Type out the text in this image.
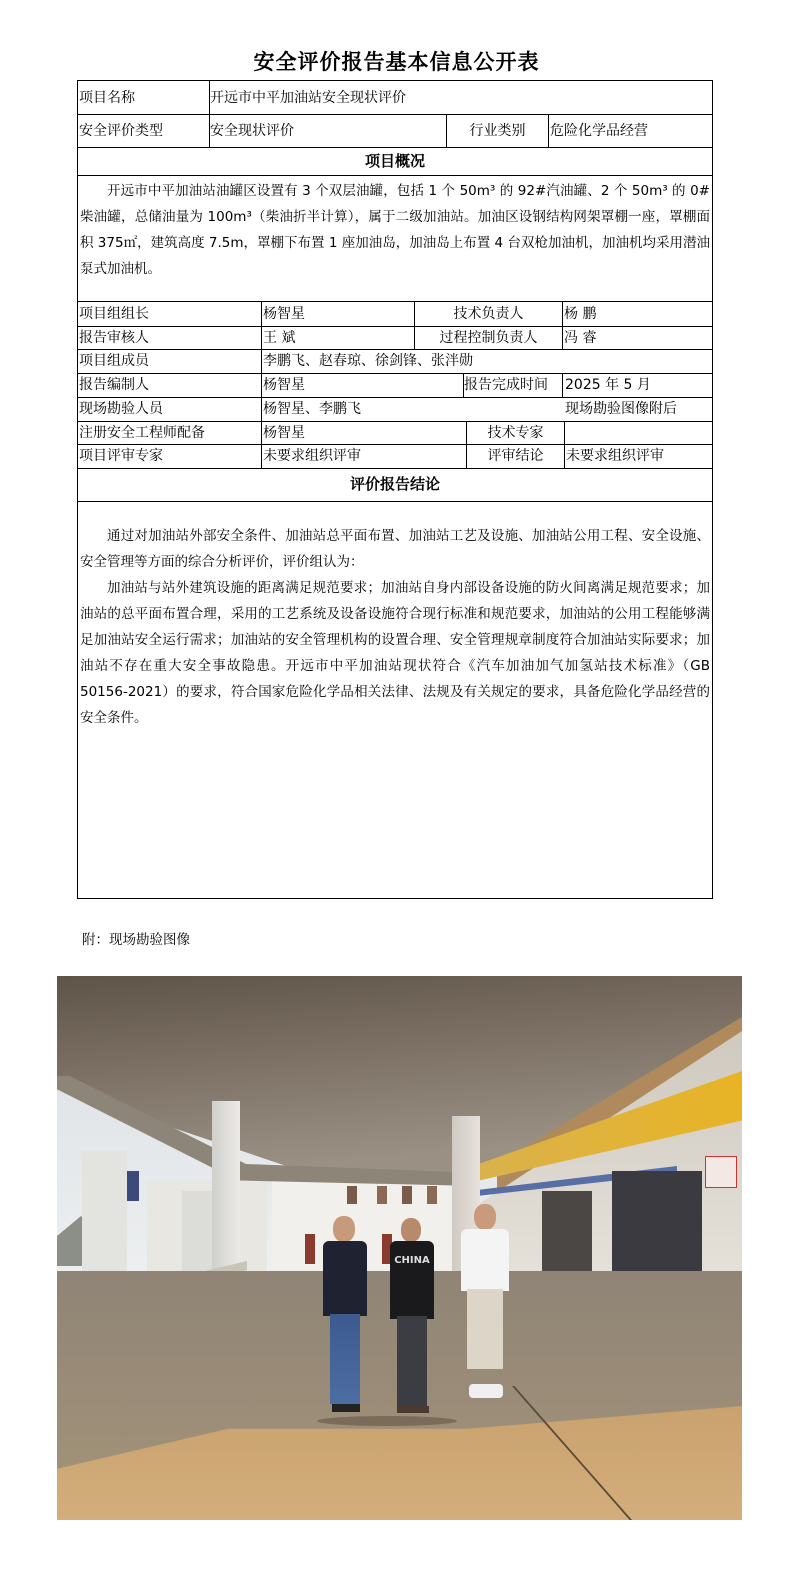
安全评价报告基本信息公开表
项目名称	开远市中平加油站安全现状评价
安全评价类型	安全现状评价	行业类别	危险化学品经营
项目概况

开远市中平加油站油罐区设置有 3 个双层油罐，包括 1 个 50m³ 的 92#汽油罐、2 个 50m³ 的 0#柴油罐，总储油量为 100m³（柴油折半计算），属于二级加油站。加油区设钢结构网架罩棚一座，罩棚面积 375㎡，建筑高度 7.5m，罩棚下布置 1 座加油岛，加油岛上布置 4 台双枪加油机，加油机均采用潜油泵式加油机。

项目组组长	杨智星	技术负责人	杨 鹏
报告审核人	王 斌	过程控制负责人	冯 睿
项目组成员	李鹏飞、赵春琼、徐剑锋、张泮勋
报告编制人	杨智星	报告完成时间	2025 年 5 月
现场勘验人员	杨智星、李鹏飞	现场勘验图像附后
注册安全工程师配备	杨智星	技术专家
项目评审专家	未要求组织评审	评审结论	未要求组织评审
评价报告结论

通过对加油站外部安全条件、加油站总平面布置、加油站工艺及设施、加油站公用工程、安全设施、安全管理等方面的综合分析评价，评价组认为：

加油站与站外建筑设施的距离满足规范要求；加油站自身内部设备设施的防火间离满足规范要求；加油站的总平面布置合理，采用的工艺系统及设备设施符合现行标准和规范要求，加油站的公用工程能够满足加油站安全运行需求；加油站的安全管理机构的设置合理、安全管理规章制度符合加油站实际要求；加油站不存在重大安全事故隐患。开远市中平加油站现状符合《汽车加油加气加氢站技术标准》（GB 50156-2021）的要求，符合国家危险化学品相关法律、法规及有关规定的要求，具备危险化学品经营的安全条件。

附：现场勘验图像
CHINA
